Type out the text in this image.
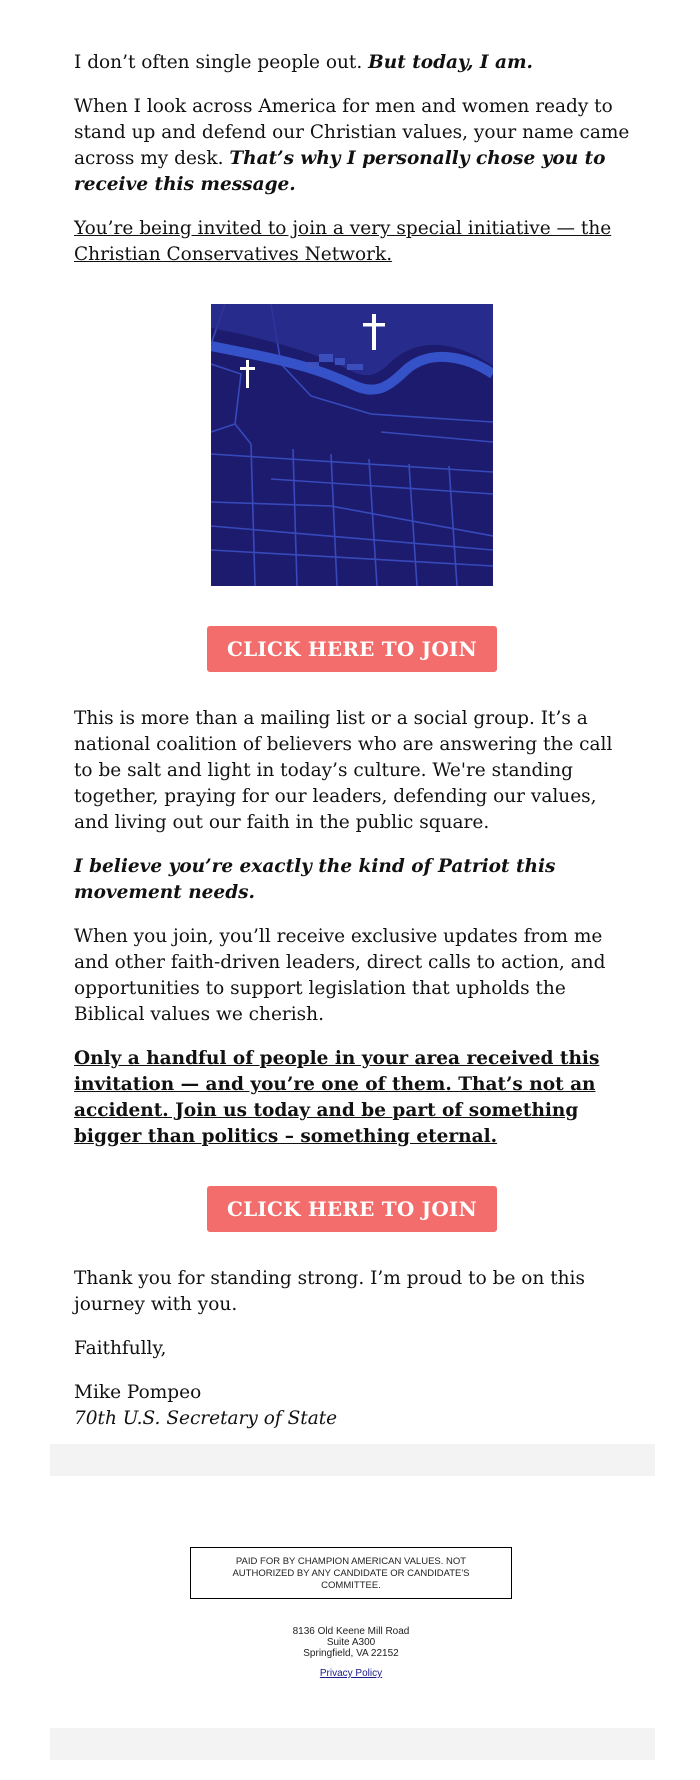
I don’t often single people out. But today, I am.

When I look across America for men and women ready to stand up and defend our Christian values, your name came across my desk. That’s why I personally chose you to receive this message.

You’re being invited to join a very special initiative — the Christian Conservatives Network.

CLICK HERE TO JOIN

This is more than a mailing list or a social group. It’s a national coalition of believers who are answering the call to be salt and light in today’s culture. We're standing together, praying for our leaders, defending our values, and living out our faith in the public square.

I believe you’re exactly the kind of Patriot this movement needs.

When you join, you’ll receive exclusive updates from me and other faith-driven leaders, direct calls to action, and opportunities to support legislation that upholds the Biblical values we cherish.

Only a handful of people in your area received this invitation — and you’re one of them. That’s not an accident. Join us today and be part of something bigger than politics – something eternal.

CLICK HERE TO JOIN

Thank you for standing strong. I’m proud to be on this journey with you.

Faithfully,

Mike Pompeo
70th U.S. Secretary of State

PAID FOR BY CHAMPION AMERICAN VALUES. NOT AUTHORIZED BY ANY CANDIDATE OR CANDIDATE'S COMMITTEE.
8136 Old Keene Mill Road
Suite A300
Springfield, VA 22152
Privacy Policy
